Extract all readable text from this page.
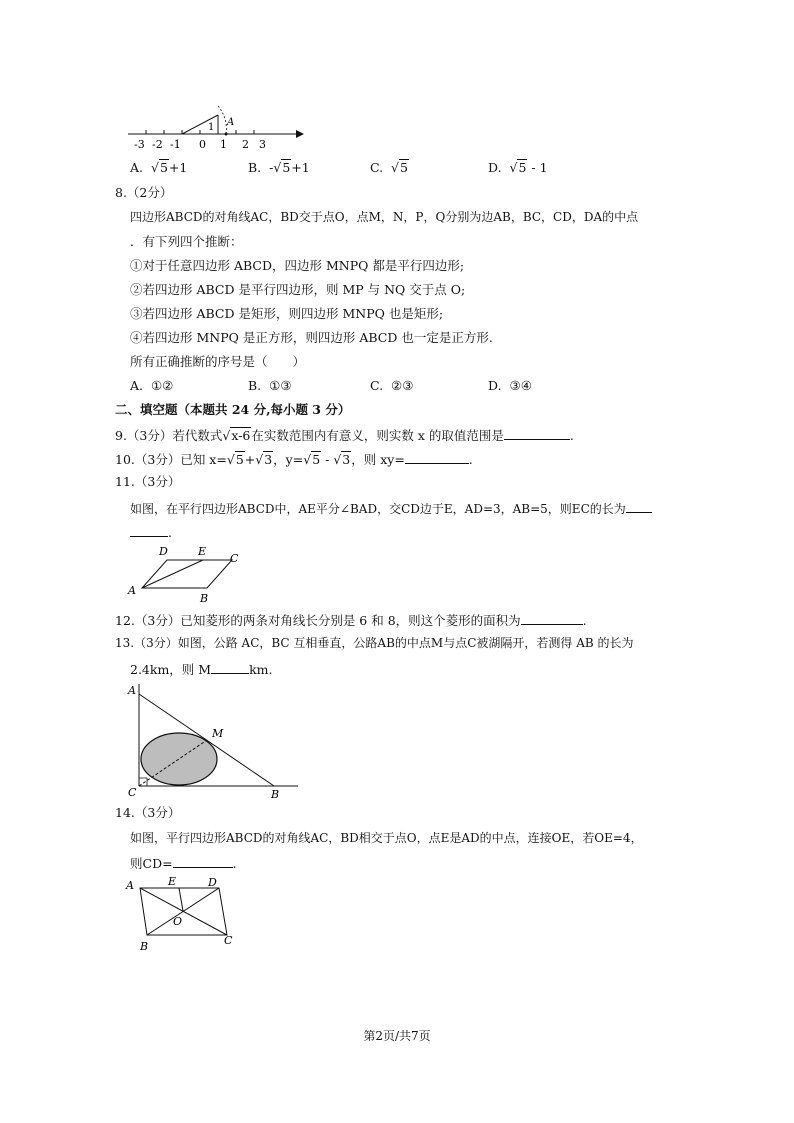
1 A
-3 -2 -1 0 1 2 3
A. √5+1	B. -√5+1	C. √5	D. √5 - 1
8.（2分）
四边形ABCD的对角线AC，BD交于点O，点M，N，P，Q分别为边AB，BC，CD，DA的中点
．有下列四个推断：
①对于任意四边形 ABCD，四边形 MNPQ 都是平行四边形;
②若四边形 ABCD 是平行四边形，则 MP 与 NQ 交于点 O;
③若四边形 ABCD 是矩形，则四边形 MNPQ 也是矩形;
④若四边形 MNPQ 是正方形，则四边形 ABCD 也一定是正方形.
所有正确推断的序号是（　　）
A. ①②	B. ①③	C. ②③	D. ③④
二、填空题（本题共 24 分,每小题 3 分）
9.（3分）若代数式√x-6在实数范围内有意义，则实数 x 的取值范围是	.
10.（3分）已知 x=√5+√3，y=√5 - √3，则 xy=	.
11.（3分）
如图，在平行四边形ABCD中，AE平分∠BAD，交CD边于E，AD=3，AB=5，则EC的长为
.
A
B
C
D	E
12.（3分）已知菱形的两条对角线长分别是 6 和 8，则这个菱形的面积为	.
13.（3分）如图，公路 AC，BC 互相垂直，公路AB的中点M与点C被湖隔开，若测得 AB 的长为
2.4km，则 M	km.
A
B
C
M
14.（3分）
如图，平行四边形ABCD的对角线AC，BD相交于点O，点E是AD的中点，连接OE，若OE=4，
则CD=	.
A	E	D
O
B	C
第2页/共7页
